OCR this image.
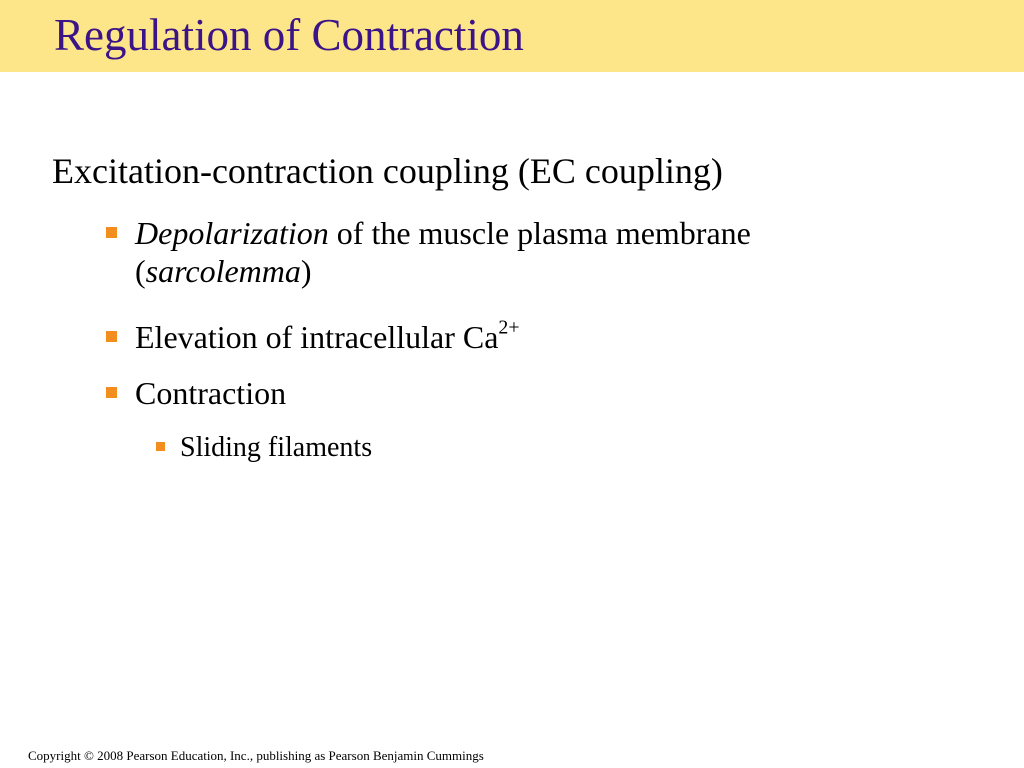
Regulation of Contraction
Excitation-contraction coupling (EC coupling)
Depolarization of the muscle plasma membrane (sarcolemma)
Elevation of intracellular $Ca^{2+}$
Contraction
Sliding filaments
Copyright © 2008 Pearson Education, Inc., publishing as Pearson Benjamin Cummings
